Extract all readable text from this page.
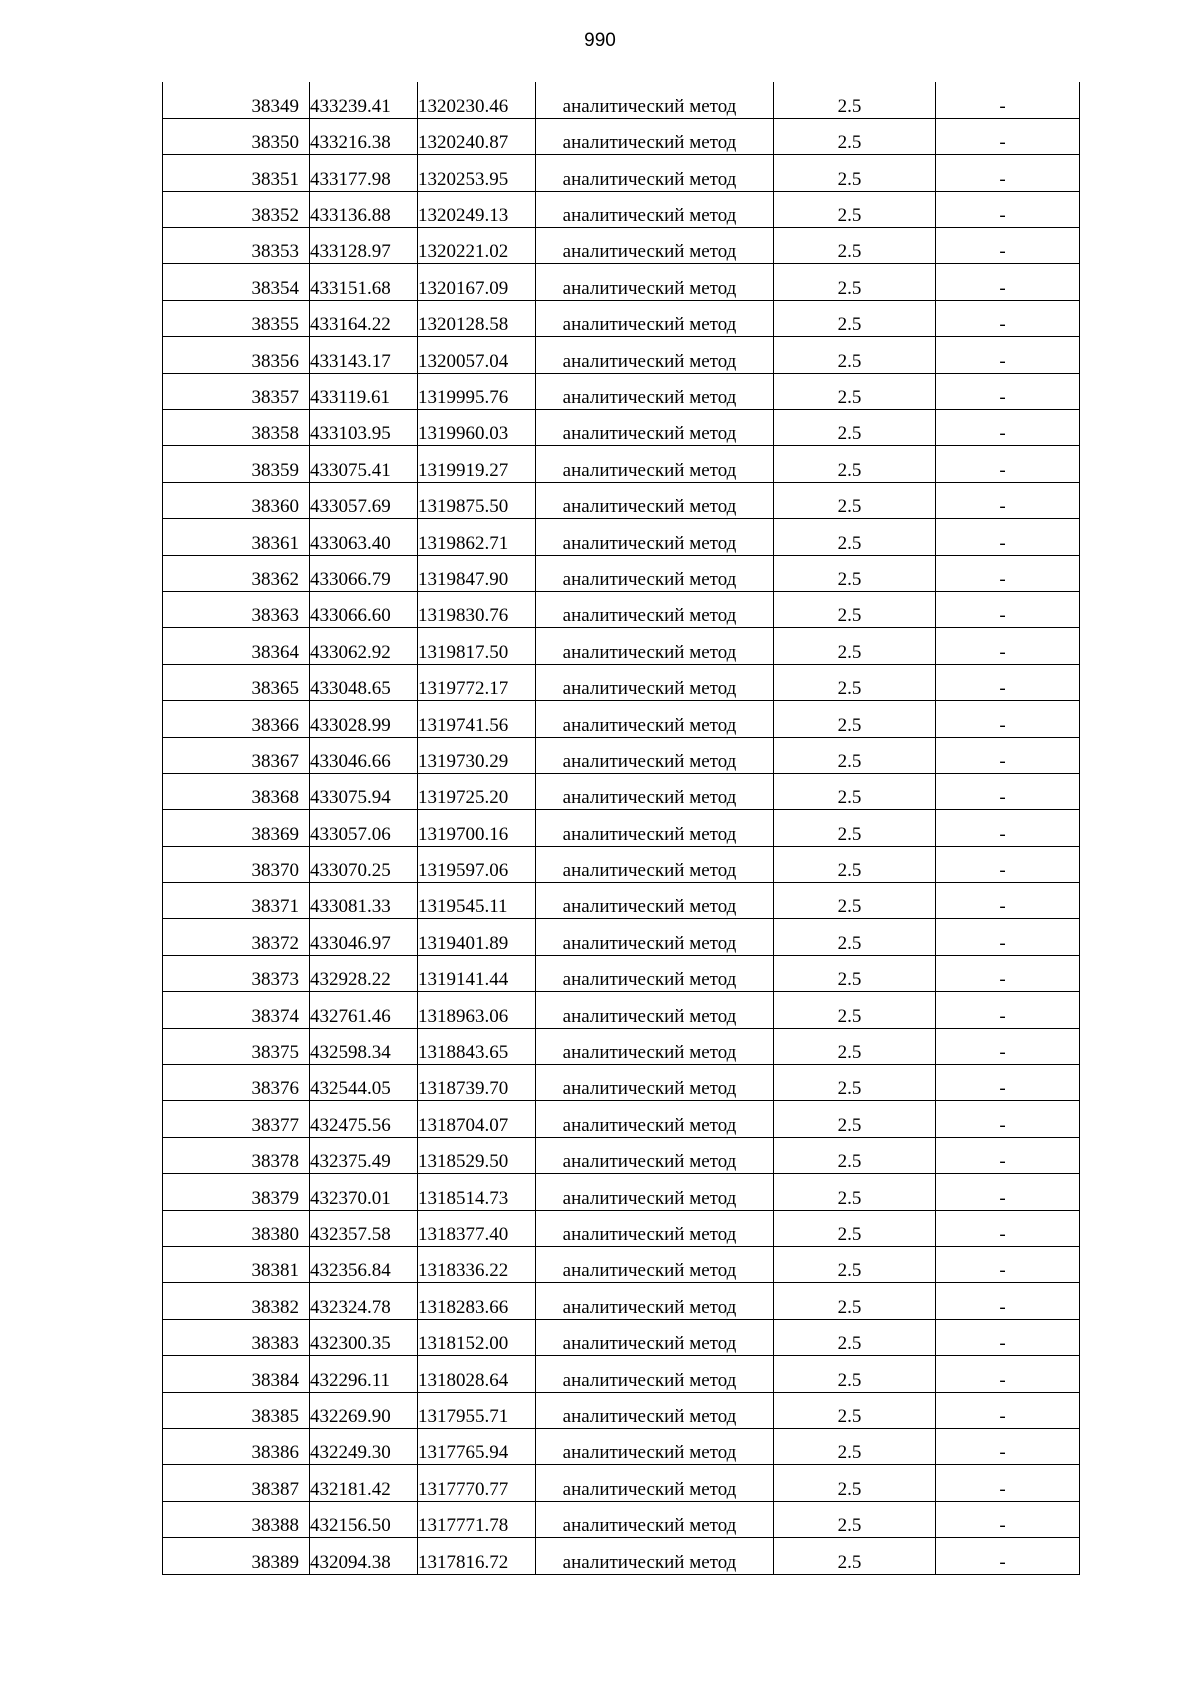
990
38349	433239.41	1320230.46	аналитический метод	2.5	-
38350	433216.38	1320240.87	аналитический метод	2.5	-
38351	433177.98	1320253.95	аналитический метод	2.5	-
38352	433136.88	1320249.13	аналитический метод	2.5	-
38353	433128.97	1320221.02	аналитический метод	2.5	-
38354	433151.68	1320167.09	аналитический метод	2.5	-
38355	433164.22	1320128.58	аналитический метод	2.5	-
38356	433143.17	1320057.04	аналитический метод	2.5	-
38357	433119.61	1319995.76	аналитический метод	2.5	-
38358	433103.95	1319960.03	аналитический метод	2.5	-
38359	433075.41	1319919.27	аналитический метод	2.5	-
38360	433057.69	1319875.50	аналитический метод	2.5	-
38361	433063.40	1319862.71	аналитический метод	2.5	-
38362	433066.79	1319847.90	аналитический метод	2.5	-
38363	433066.60	1319830.76	аналитический метод	2.5	-
38364	433062.92	1319817.50	аналитический метод	2.5	-
38365	433048.65	1319772.17	аналитический метод	2.5	-
38366	433028.99	1319741.56	аналитический метод	2.5	-
38367	433046.66	1319730.29	аналитический метод	2.5	-
38368	433075.94	1319725.20	аналитический метод	2.5	-
38369	433057.06	1319700.16	аналитический метод	2.5	-
38370	433070.25	1319597.06	аналитический метод	2.5	-
38371	433081.33	1319545.11	аналитический метод	2.5	-
38372	433046.97	1319401.89	аналитический метод	2.5	-
38373	432928.22	1319141.44	аналитический метод	2.5	-
38374	432761.46	1318963.06	аналитический метод	2.5	-
38375	432598.34	1318843.65	аналитический метод	2.5	-
38376	432544.05	1318739.70	аналитический метод	2.5	-
38377	432475.56	1318704.07	аналитический метод	2.5	-
38378	432375.49	1318529.50	аналитический метод	2.5	-
38379	432370.01	1318514.73	аналитический метод	2.5	-
38380	432357.58	1318377.40	аналитический метод	2.5	-
38381	432356.84	1318336.22	аналитический метод	2.5	-
38382	432324.78	1318283.66	аналитический метод	2.5	-
38383	432300.35	1318152.00	аналитический метод	2.5	-
38384	432296.11	1318028.64	аналитический метод	2.5	-
38385	432269.90	1317955.71	аналитический метод	2.5	-
38386	432249.30	1317765.94	аналитический метод	2.5	-
38387	432181.42	1317770.77	аналитический метод	2.5	-
38388	432156.50	1317771.78	аналитический метод	2.5	-
38389	432094.38	1317816.72	аналитический метод	2.5	-
